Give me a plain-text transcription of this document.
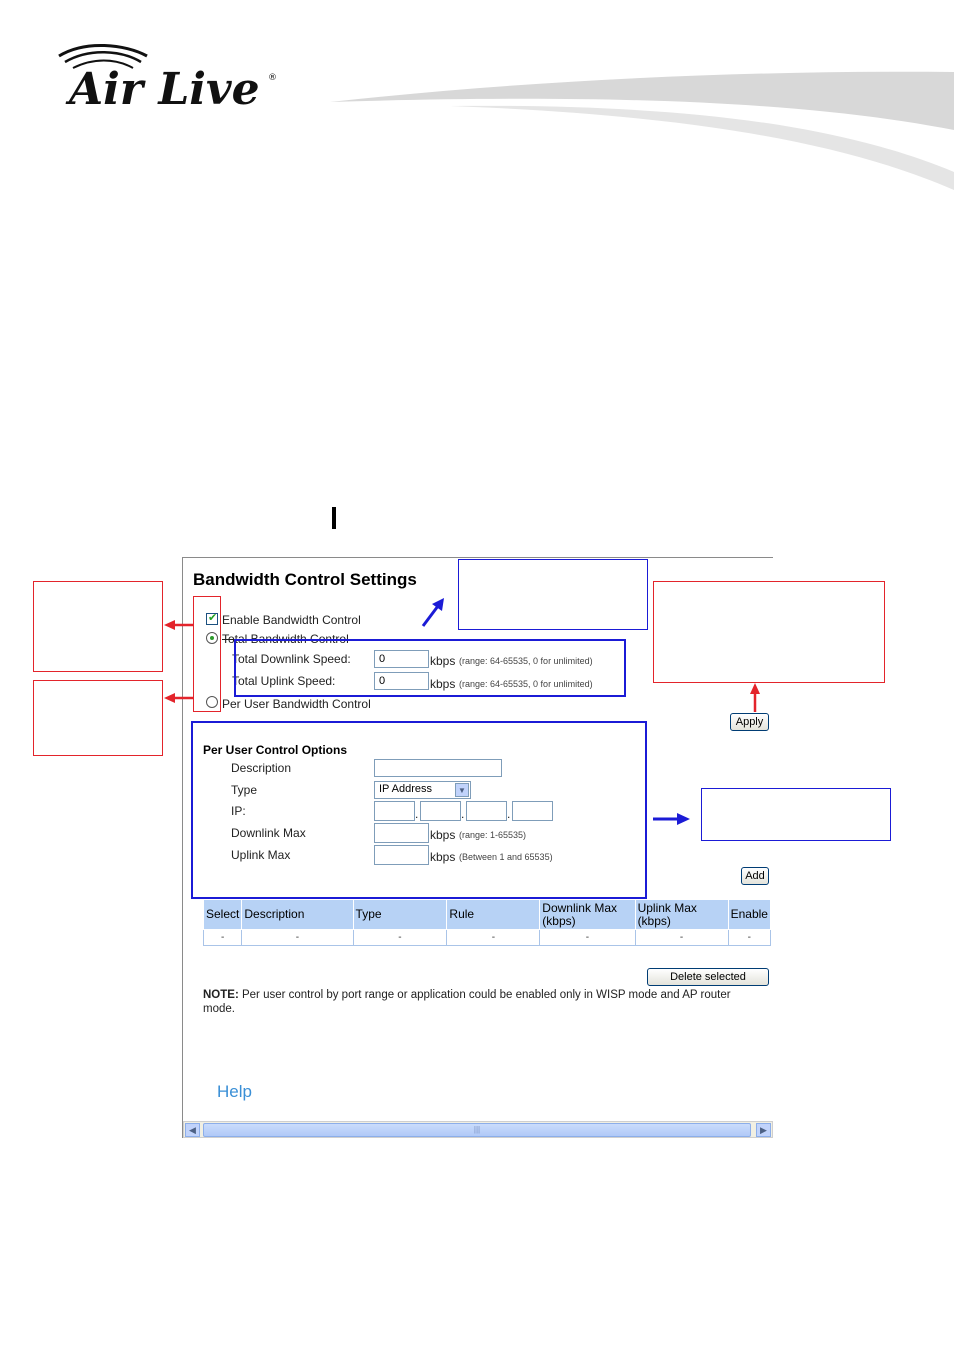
Air Live ®
Bandwidth Control Settings
✔
Enable Bandwidth Control
Total Bandwidth Control
Total Downlink Speed:
0	kbps (range: 64-65535, 0 for unlimited)
Total Uplink Speed:
0	kbps (range: 64-65535, 0 for unlimited)
Per User Bandwidth Control
Apply
Per User Control Options
Description
Type	IP Address	▼
IP:	.	.	.
Downlink Max	kbps (range: 1-65535)
Uplink Max	kbps (Between 1 and 65535)
Add
Select	Description	Type	Rule	Downlink Max (kbps)	Uplink Max (kbps)	Enable
-	-	-	-	-	-	-
Delete selected
NOTE: Per user control by port range or application could be enabled only in WISP mode and AP router mode.
Help
◀	|||	▶
